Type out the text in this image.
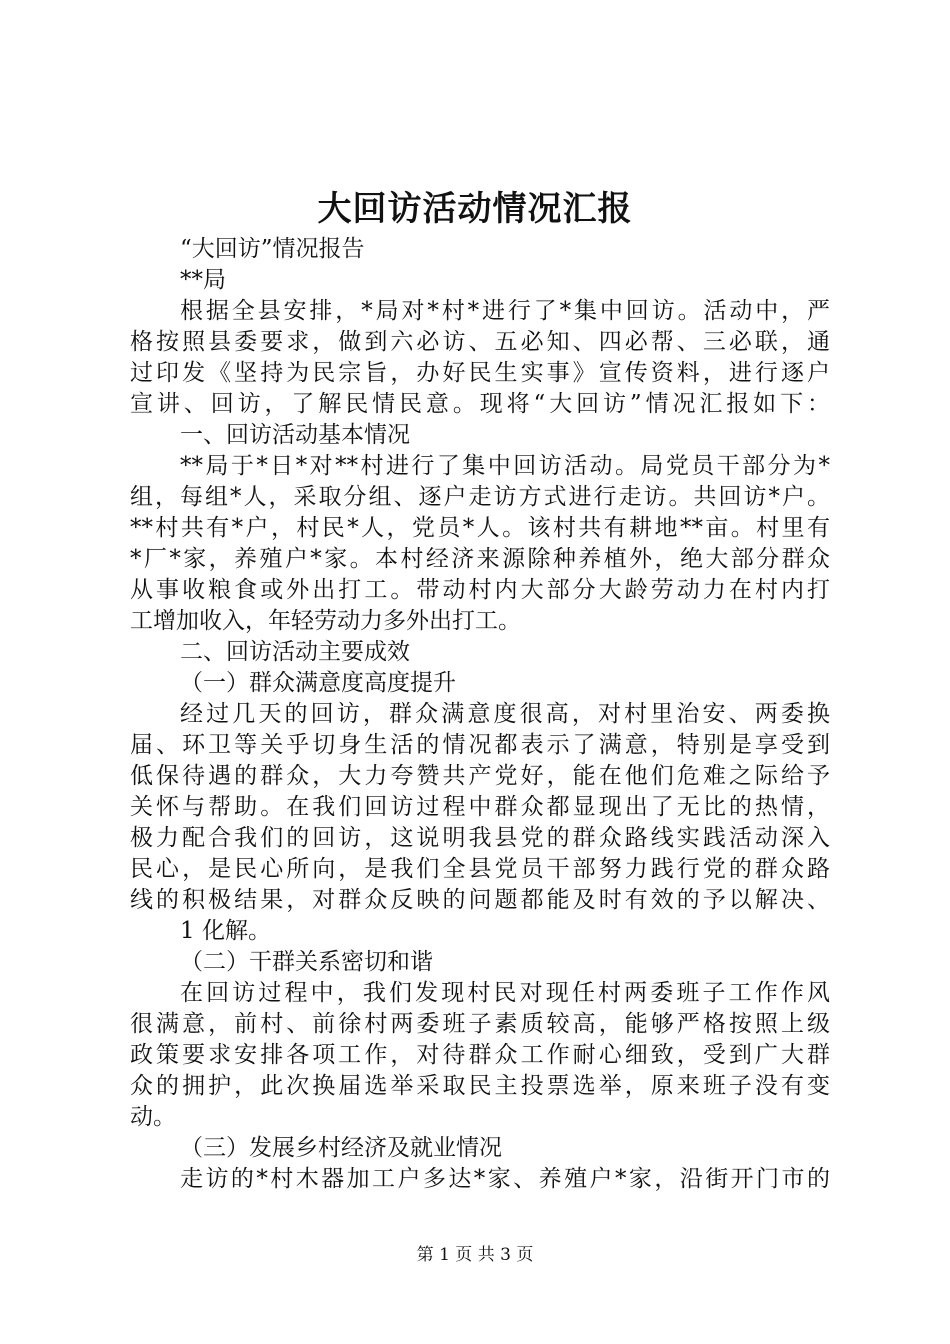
大回访活动情况汇报
“大回访”情况报告
**局
根据全县安排，*局对*村*进行了*集中回访。活动中，严
格按照县委要求，做到六必访、五必知、四必帮、三必联，通
过印发《坚持为民宗旨，办好民生实事》宣传资料，进行逐户
宣讲、回访，了解民情民意。现将“大回访”情况汇报如下：
一、回访活动基本情况
**局于*日*对**村进行了集中回访活动。局党员干部分为*
组，每组*人，采取分组、逐户走访方式进行走访。共回访*户。
**村共有*户，村民*人，党员*人。该村共有耕地**亩。村里有
*厂*家，养殖户*家。本村经济来源除种养植外，绝大部分群众
从事收粮食或外出打工。带动村内大部分大龄劳动力在村内打
工增加收入，年轻劳动力多外出打工。
二、回访活动主要成效
（一）群众满意度高度提升
经过几天的回访，群众满意度很高，对村里治安、两委换
届、环卫等关乎切身生活的情况都表示了满意，特别是享受到
低保待遇的群众，大力夸赞共产党好，能在他们危难之际给予
关怀与帮助。在我们回访过程中群众都显现出了无比的热情，
极力配合我们的回访，这说明我县党的群众路线实践活动深入
民心，是民心所向，是我们全县党员干部努力践行党的群众路
线的积极结果，对群众反映的问题都能及时有效的予以解决、
1 化解。
（二）干群关系密切和谐
在回访过程中，我们发现村民对现任村两委班子工作作风
很满意，前村、前徐村两委班子素质较高，能够严格按照上级
政策要求安排各项工作，对待群众工作耐心细致，受到广大群
众的拥护，此次换届选举采取民主投票选举，原来班子没有变
动。
（三）发展乡村经济及就业情况
走访的*村木器加工户多达*家、养殖户*家，沿街开门市的
第 1 页 共 3 页
